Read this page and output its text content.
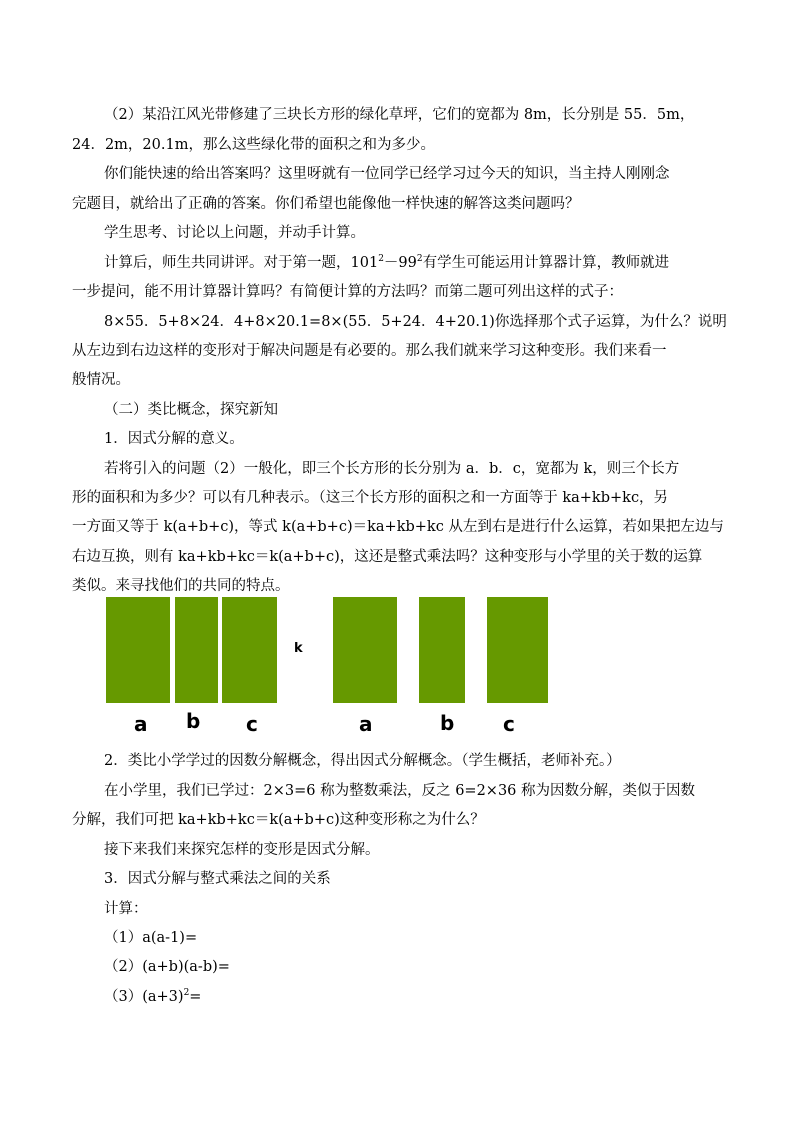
（2）某沿江风光带修建了三块长方形的绿化草坪，它们的宽都为 8m，长分别是 55．5m，
24．2m，20.1m，那么这些绿化带的面积之和为多少。
你们能快速的给出答案吗？这里呀就有一位同学已经学习过今天的知识，当主持人刚刚念
完题目，就给出了正确的答案。你们希望也能像他一样快速的解答这类问题吗？
学生思考、讨论以上问题，并动手计算。
计算后，师生共同讲评。对于第一题，$101^2-99^2$有学生可能运用计算器计算，教师就进
一步提问，能不用计算器计算吗？有简便计算的方法吗？而第二题可列出这样的式子：
8×55．5+8×24．4+8×20.1=8×(55．5+24．4+20.1)你选择那个式子运算，为什么？说明
从左边到右边这样的变形对于解决问题是有必要的。那么我们就来学习这种变形。我们来看一
般情况。
（二）类比概念，探究新知
1．因式分解的意义。
若将引入的问题（2）一般化，即三个长方形的长分别为 a．b．c，宽都为 k，则三个长方
形的面积和为多少？可以有几种表示。（这三个长方形的面积之和一方面等于 ka+kb+kc，另
一方面又等于 k(a+b+c)，等式 k(a+b+c)＝ka+kb+kc 从左到右是进行什么运算，若如果把左边与
右边互换，则有 ka+kb+kc＝k(a+b+c)，这还是整式乘法吗？这种变形与小学里的关于数的运算
类似。来寻找他们的共同的特点。
k
a b c	a	b c
2．类比小学学过的因数分解概念，得出因式分解概念。（学生概括，老师补充。）
在小学里，我们已学过：2×3=6 称为整数乘法，反之 6=2×36 称为因数分解，类似于因数
分解，我们可把 ka+kb+kc＝k(a+b+c)这种变形称之为什么？
接下来我们来探究怎样的变形是因式分解。
3．因式分解与整式乘法之间的关系
计算：
（1）a(a-1)=
（2）(a+b)(a-b)=
$(3)(a+3)^2=$
